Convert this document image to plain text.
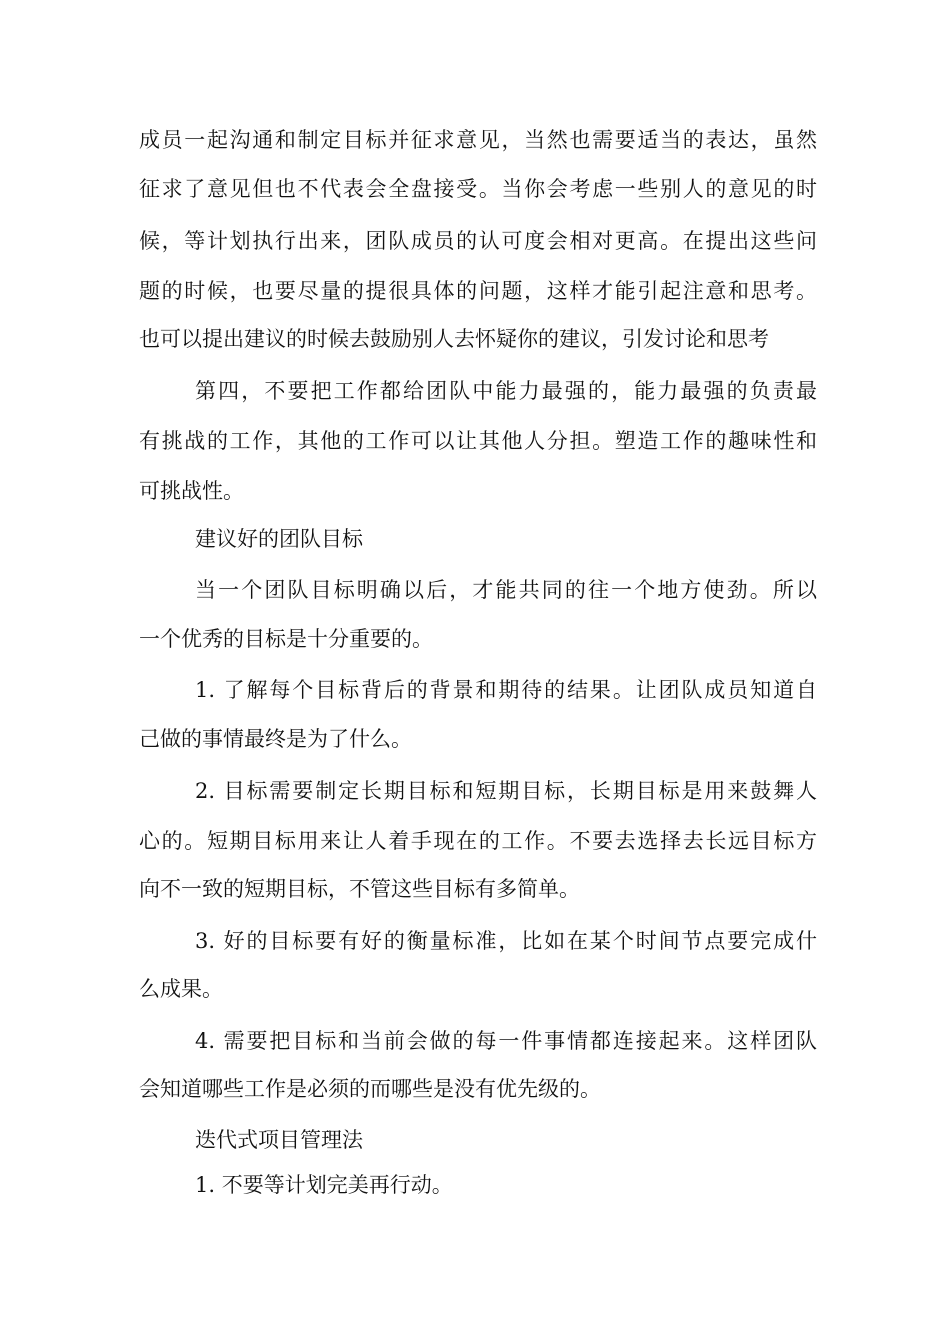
成员一起沟通和制定目标并征求意见，当然也需要适当的表达，虽然
征求了意见但也不代表会全盘接受。当你会考虑一些别人的意见的时
候，等计划执行出来，团队成员的认可度会相对更高。在提出这些问
题的时候，也要尽量的提很具体的问题，这样才能引起注意和思考。
也可以提出建议的时候去鼓励别人去怀疑你的建议，引发讨论和思考
第四，不要把工作都给团队中能力最强的，能力最强的负责最
有挑战的工作，其他的工作可以让其他人分担。塑造工作的趣味性和
可挑战性。
建议好的团队目标
当一个团队目标明确以后，才能共同的往一个地方使劲。所以
一个优秀的目标是十分重要的。
1. 了解每个目标背后的背景和期待的结果。让团队成员知道自
己做的事情最终是为了什么。
2. 目标需要制定长期目标和短期目标，长期目标是用来鼓舞人
心的。短期目标用来让人着手现在的工作。不要去选择去长远目标方
向不一致的短期目标，不管这些目标有多简单。
3. 好的目标要有好的衡量标准，比如在某个时间节点要完成什
么成果。
4. 需要把目标和当前会做的每一件事情都连接起来。这样团队
会知道哪些工作是必须的而哪些是没有优先级的。
迭代式项目管理法
1. 不要等计划完美再行动。
